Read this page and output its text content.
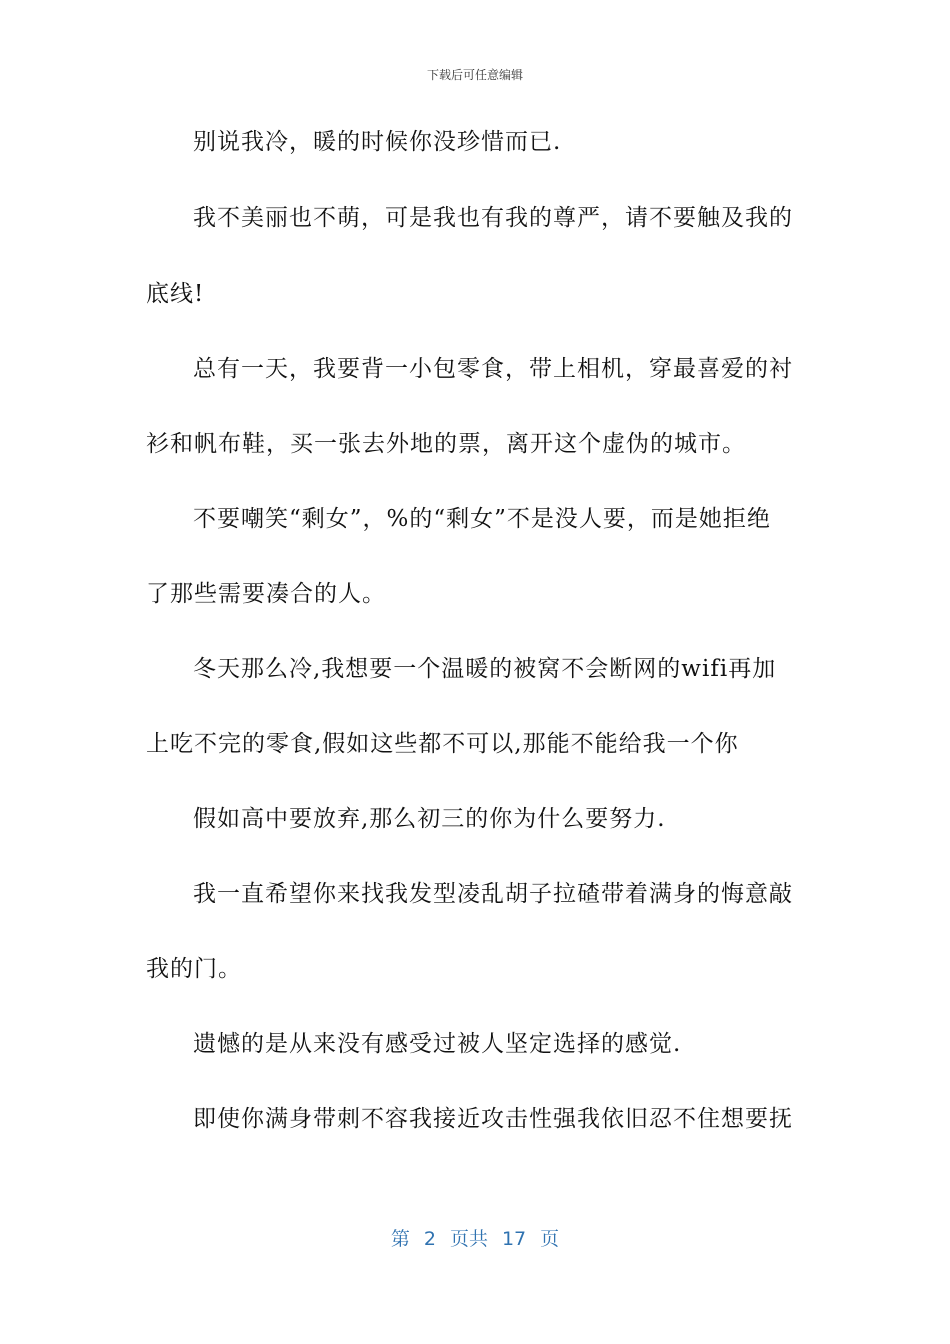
下载后可任意编辑
别说我冷，暖的时候你没珍惜而已.
我不美丽也不萌，可是我也有我的尊严，请不要触及我的
底线!
总有一天，我要背一小包零食，带上相机，穿最喜爱的衬
衫和帆布鞋，买一张去外地的票，离开这个虚伪的城市。
不要嘲笑“剩女”，%的“剩女”不是没人要，而是她拒绝
了那些需要凑合的人。
冬天那么冷,我想要一个温暖的被窝不会断网的wifi再加
上吃不完的零食,假如这些都不可以,那能不能给我一个你
假如高中要放弃,那么初三的你为什么要努力.
我一直希望你来找我发型凌乱胡子拉碴带着满身的悔意敲
我的门。
遗憾的是从来没有感受过被人坚定选择的感觉.
即使你满身带刺不容我接近攻击性强我依旧忍不住想要抚
第 2 页共 17 页
